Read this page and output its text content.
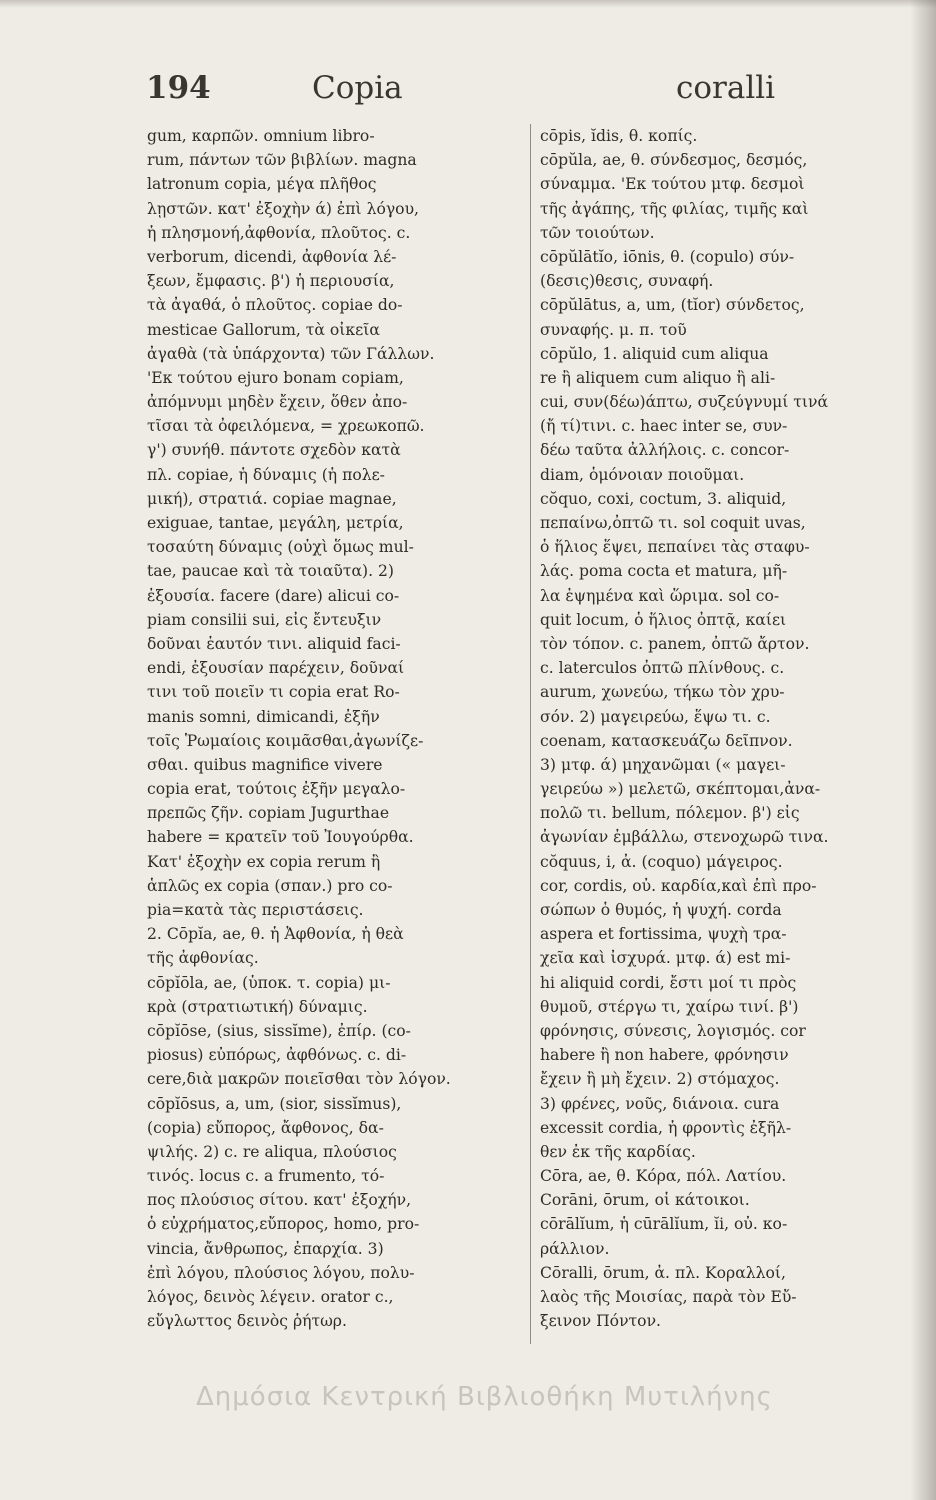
194	Copia	coralli
gum, καρπῶν. omnium libro-
rum, πάντων τῶν βιβλίων. magna
latronum copia, μέγα πλῆθος
λῃστῶν. κατ' ἐξοχὴν ά) ἐπὶ λόγου,
ἡ πλησμονή,ἀφθονία, πλοῦτος. c.
verborum, dicendi, ἀφθονία λέ-
ξεων, ἔμφασις. β') ἡ περιουσία,
τὰ ἀγαθά, ὁ πλοῦτος. copiae do-
mesticae Gallorum, τὰ οἰκεῖα
ἀγαθὰ (τὰ ὑπάρχοντα) τῶν Γάλλων.
'Εκ τούτου ejuro bonam copiam,
ἀπόμνυμι μηδὲν ἔχειν, ὅθεν ἀπο-
τῖσαι τὰ ὀφειλόμενα, = χρεωκοπῶ.
γ') συνήθ. πάντοτε σχεδὸν κατὰ
πλ. copiae, ἡ δύναμις (ἡ πολε-
μική), στρατιά. copiae magnae,
exiguae, tantae, μεγάλη, μετρία,
τοσαύτη δύναμις (οὐχὶ ὅμως mul-
tae, paucae καὶ τὰ τοιαῦτα). 2)
ἐξουσία. facere (dare) alicui co-
piam consilii sui, εἰς ἔντευξιν
δοῦναι ἑαυτόν τινι. aliquid faci-
endi, ἐξουσίαν παρέχειν, δοῦναί
τινι τοῦ ποιεῖν τι copia erat Ro-
manis somni, dimicandi, ἐξῆν
τοῖς Ῥωμαίοις κοιμᾶσθαι,ἀγωνίζε-
σθαι. quibus magnifice vivere
copia erat, τούτοις ἐξῆν μεγαλο-
πρεπῶς ζῆν. copiam Jugurthae
habere = κρατεῖν τοῦ Ἰουγούρθα.
Κατ' ἐξοχὴν ex copia rerum ἢ
ἁπλῶς ex copia (σπαν.) pro co-
pia=κατὰ τὰς περιστάσεις.
2. Cōpĭa, ae, θ. ἡ Ἀφθονία, ἡ θεὰ
τῆς ἀφθονίας.
cōpĭōla, ae, (ὑποκ. τ. copia) μι-
κρὰ (στρατιωτική) δύναμις.
cōpĭōse, (sius, sissĭme), ἐπίρ. (co-
piosus) εὐπόρως, ἀφθόνως. c. di-
cere,διὰ μακρῶν ποιεῖσθαι τὸν λόγον.
cōpĭōsus, a, um, (sior, sissĭmus),
(copia) εὔπορος, ἄφθονος, δα-
ψιλής. 2) c. re aliqua, πλούσιος
τινός. locus c. a frumento, τό-
πος πλούσιος σίτου. κατ' ἐξοχήν,
ὁ εὐχρήματος,εὔπορος, homo, pro-
vincia, ἄνθρωπος, ἐπαρχία. 3)
ἐπὶ λόγου, πλούσιος λόγου, πολυ-
λόγος, δεινὸς λέγειν. orator c.,
εὔγλωττος δεινὸς ῥήτωρ.
cōpis, ĭdis, θ. κοπίς.
cōpŭla, ae, θ. σύνδεσμος, δεσμός,
σύναμμα. 'Εκ τούτου μτφ. δεσμοὶ
τῆς ἀγάπης, τῆς φιλίας, τιμῆς καὶ
τῶν τοιούτων.
cōpŭlātĭo, iōnis, θ. (copulo) σύν-
(δεσις)θεσις, συναφή.
cōpŭlātus, a, um, (tĭor) σύνδετος,
συναφής. μ. π. τοῦ
cōpŭlo, 1. aliquid cum aliqua
re ἢ aliquem cum aliquo ἢ ali-
cui, συν(δέω)άπτω, συζεύγνυμί τινά
(ἤ τί)τινι. c. haec inter se, συν-
δέω ταῦτα ἀλλήλοις. c. concor-
diam, ὁμόνοιαν ποιοῦμαι.
cŏquo, coxi, coctum, 3. aliquid,
πεπαίνω,ὀπτῶ τι. sol coquit uvas,
ὁ ἥλιος ἕψει, πεπαίνει τὰς σταφυ-
λάς. poma cocta et matura, μῆ-
λα ἑψημένα καὶ ὥριμα. sol co-
quit locum, ὁ ἥλιος ὀπτᾷ, καίει
τὸν τόπον. c. panem, ὀπτῶ ἄρτον.
c. laterculos ὀπτῶ πλίνθους. c.
aurum, χωνεύω, τήκω τὸν χρυ-
σόν. 2) μαγειρεύω, ἕψω τι. c.
coenam, κατασκευάζω δεῖπνον.
3) μτφ. ά) μηχανῶμαι (« μαγει-
γειρεύω ») μελετῶ, σκέπτομαι,ἀνα-
πολῶ τι. bellum, πόλεμον. β') εἰς
ἀγωνίαν ἐμβάλλω, στενοχωρῶ τινα.
cŏquus, i, ἀ. (coquo) μάγειρος.
cor, cordis, οὐ. καρδία,καὶ ἐπὶ προ-
σώπων ὁ θυμός, ἡ ψυχή. corda
aspera et fortissima, ψυχὴ τρα-
χεῖα καὶ ἰσχυρά. μτφ. ά) est mi-
hi aliquid cordi, ἔστι μοί τι πρὸς
θυμοῦ, στέργω τι, χαίρω τινί. β')
φρόνησις, σύνεσις, λογισμός. cor
habere ἢ non habere, φρόνησιν
ἔχειν ἢ μὴ ἔχειν. 2) στόμαχος.
3) φρένες, νοῦς, διάνοια. cura
excessit cordia, ἡ φροντὶς ἐξῆλ-
θεν ἐκ τῆς καρδίας.
Cōra, ae, θ. Κόρα, πόλ. Λατίου.
Corāni, ōrum, οἱ κάτοικοι.
cōrālĭum, ἡ cūrālĭum, ĭi, οὐ. κο-
ράλλιον.
Cōralli, ōrum, ἀ. πλ. Κοραλλοί,
λαὸς τῆς Μοισίας, παρὰ τὸν Εὔ-
ξεινον Πόντον.
Δημόσια Κεντρική Βιβλιοθήκη Μυτιλήνης
